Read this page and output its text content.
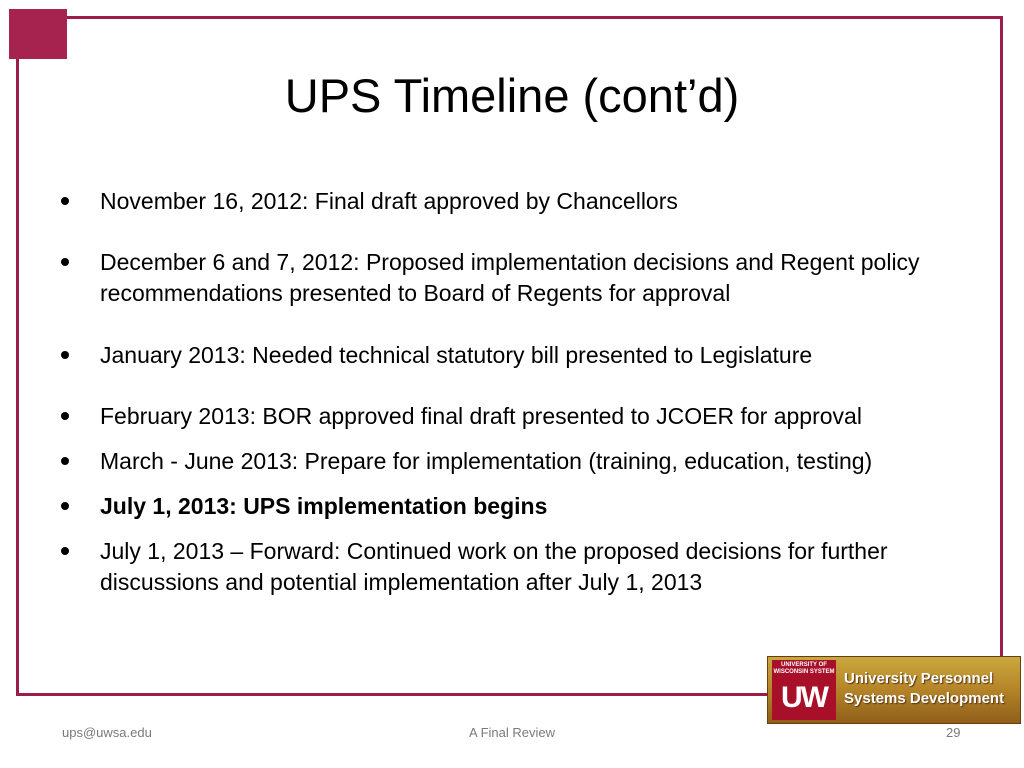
UPS Timeline (cont’d)
November 16, 2012: Final draft approved by Chancellors
December 6 and 7, 2012: Proposed implementation decisions and Regent policy recommendations presented to Board of Regents for approval
January 2013: Needed technical statutory bill presented to Legislature
February 2013: BOR approved final draft presented to JCOER for approval
March - June 2013: Prepare for implementation (training, education, testing)
July 1, 2013: UPS implementation begins
July 1, 2013 – Forward: Continued work on the proposed decisions for further discussions and potential implementation after July 1, 2013
UNIVERSITY OF WISCONSIN SYSTEM
UW
University Personnel
Systems Development
ups@uwsa.edu	A Final Review	29
